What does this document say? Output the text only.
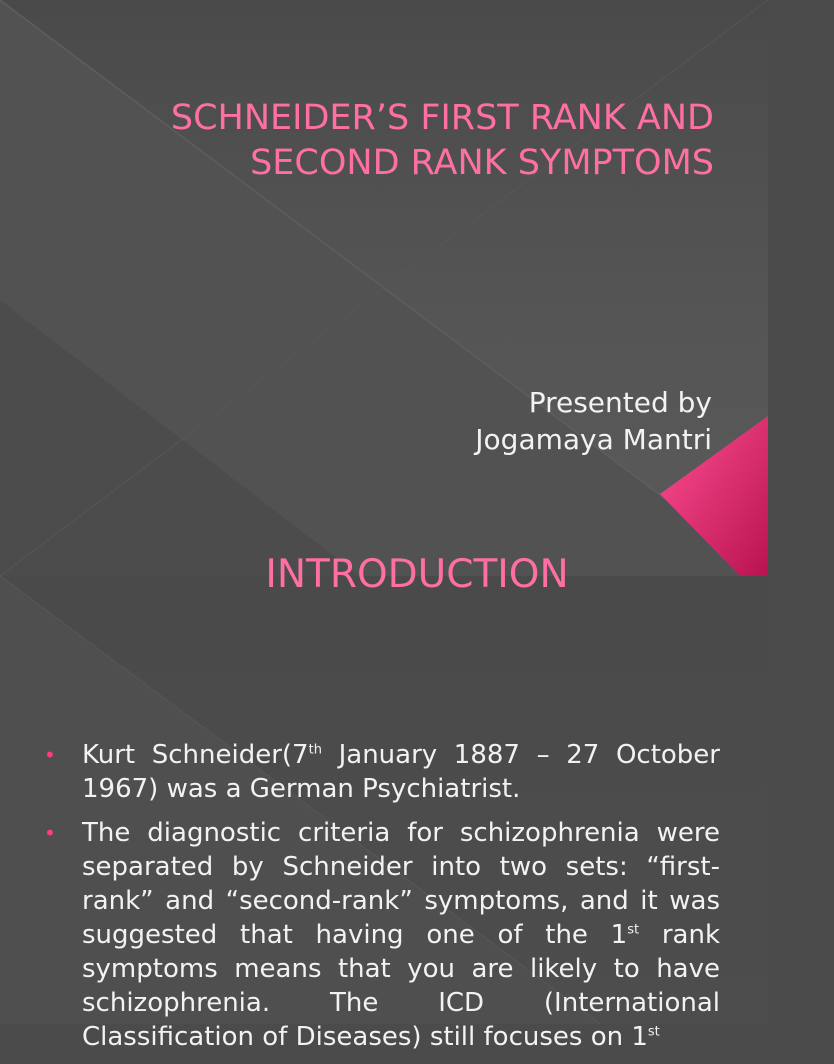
SCHNEIDER’S FIRST RANK AND
SECOND RANK SYMPTOMS
Presented by
Jogamaya Mantri
INTRODUCTION
• Kurt Schneider(7th January 1887 – 27 October 1967) was a German Psychiatrist.
• The diagnostic criteria for schizophrenia were separated by Schneider into two sets: “first-rank” and “second-rank” symptoms, and it was suggested that having one of the 1st rank symptoms means that you are likely to have schizophrenia. The ICD (International Classification of Diseases) still focuses on 1st
